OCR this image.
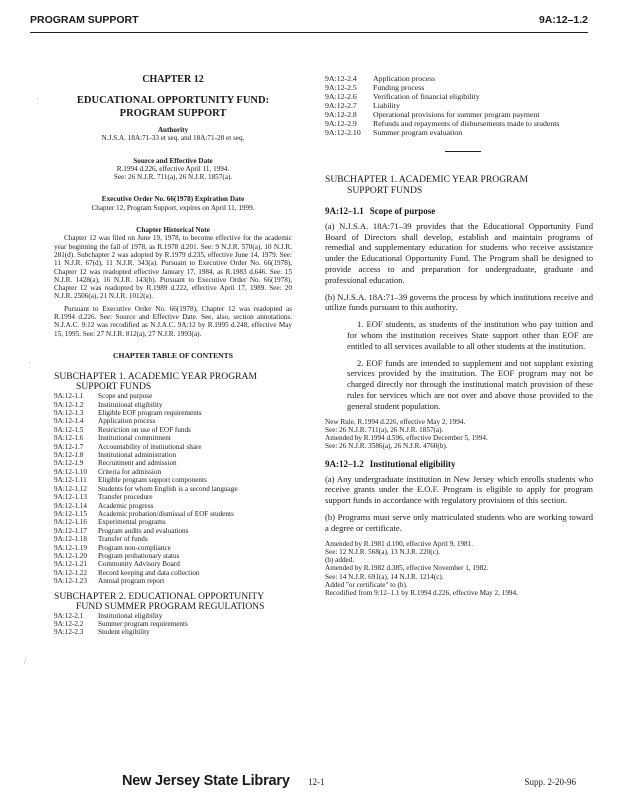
PROGRAM SUPPORT	9A:12–1.2
·
·
/
CHAPTER 12
EDUCATIONAL OPPORTUNITY FUND:
PROGRAM SUPPORT
Authority
N.J.S.A. 18A:71-33 et seq. and 18A:71-28 et seq.
Source and Effective Date
R.1994 d.226, effective April 11, 1994.
See: 26 N.J.R. 711(a), 26 N.J.R. 1857(a).
Executive Order No. 66(1978) Expiration Date
Chapter 12, Program Support, expires on April 11, 1999.
Chapter Historical Note

Chapter 12 was filed on June 19, 1978, to become effective for the academic year beginning the fall of 1978, as R.1978 d.201. See: 9 N.J.R. 570(a), 10 N.J.R. 281(d). Subchapter 2 was adopted by R.1979 d.235, effective June 14, 1979. See: 11 N.J.R. 67(d), 11 N.J.R. 343(a). Pursuant to Executive Order No. 66(1978), Chapter 12 was readopted effective January 17, 1984, as R.1983 d.646. See: 15 N.J.R. 1428(a), 16 N.J.R. 143(b). Pursuant to Executive Order No. 66(1978), Chapter 12 was readopted by R.1989 d.222, effective April 17, 1989. See: 20 N.J.R. 2506(a), 21 N.J.R. 1012(a).

Pursuant to Executive Order No. 66(1978), Chapter 12 was readopted as R.1994 d.226. See: Source and Effective Date. See, also, section annotations. N.J.A.C. 9:12 was recodified as N.J.A.C. 9A:12 by R.1995 d.248, effective May 15, 1995. See: 27 N.J.R. 812(a), 27 N.J.R. 1993(a).

CHAPTER TABLE OF CONTENTS
SUBCHAPTER 1. ACADEMIC YEAR PROGRAM
SUPPORT FUNDS
9A:12-1.1	Scope and purpose
9A:12-1.2	Institutional eligibility
9A:12-1.3	Eligible EOF program requirements
9A:12-1.4	Application process
9A:12-1.5	Restriction on use of EOF funds
9A:12-1.6	Institutional commitment
9A:12-1.7	Accountability of institutional share
9A:12-1.8	Institutional administration
9A:12-1.9	Recruitment and admission
9A:12-1.10	Criteria for admission
9A:12-1.11	Eligible program support components
9A:12-1.12	Students for whom English is a second language
9A:12-1.13	Transfer procedure
9A:12-1.14	Academic progress
9A:12-1.15	Academic probation/dismissal of EOF students
9A:12-1.16	Experimental programs
9A:12-1.17	Program audits and evaluations
9A:12-1.18	Transfer of funds
9A:12-1.19	Program non-compliance
9A:12-1.20	Program probationary status
9A:12-1.21	Community Advisory Board
9A:12-1.22	Record keeping and data collection
9A:12-1.23	Annual program report
SUBCHAPTER 2. EDUCATIONAL OPPORTUNITY
FUND SUMMER PROGRAM REGULATIONS
9A:12-2.1	Institutional eligibility
9A:12-2.2	Summer program requirements
9A:12-2.3	Student eligibility
9A:12-2.4	Application process
9A:12-2.5	Funding process
9A:12-2.6	Verification of financial eligibility
9A:12-2.7	Liability
9A:12-2.8	Operational provisions for summer program payment
9A:12-2.9	Refunds and repayments of disbursements made to students
9A:12-2.10	Summer program evaluation
SUBCHAPTER 1. ACADEMIC YEAR PROGRAM
SUPPORT FUNDS
9A:12–1.1 Scope of purpose

(a) N.J.S.A. 18A:71–39 provides that the Educational Opportunity Fund Board of Directors shall develop, establish and maintain programs of remedial and supplementary education for students who receive assistance under the Educational Opportunity Fund. The Program shall be designed to provide access to and preparation for undergraduate, graduate and professional education.

(b) N.J.S.A. 18A:71–39 governs the process by which institutions receive and utilize funds pursuant to this authority.

1. EOF students, as students of the institution who pay tuition and for whom the institution receives State support other than EOF are entitled to all services available to all other students at the institution.

2. EOF funds are intended to supplement and not supplant existing services provided by the institution. The EOF program may not be charged directly nor through the institutional match provision of these rules for services which are not over and above those provided to the general student population.

New Rule, R.1994 d.226, effective May 2, 1994.
See: 26 N.J.R. 711(a), 26 N.J.R. 1857(a).
Amended by R.1994 d.596, effective December 5, 1994.
See: 26 N.J.R. 3586(a), 26 N.J.R. 4760(b).
9A:12–1.2 Institutional eligibility

(a) Any undergraduate institution in New Jersey which enrolls students who receive grants under the E.O.F. Program is eligible to apply for program support funds in accordance with regulatory provisions of this section.

(b) Programs must serve only matriculated students who are working toward a degree or certificate.

Amended by R.1981 d.100, effective April 9, 1981.
See: 12 N.J.R. 568(a), 13 N.J.R. 220(c).
(b) added.
Amended by R.1982 d.385, effective November 1, 1982.
See: 14 N.J.R. 691(a), 14 N.J.R. 1214(c).
Added "or certificate" to (b).
Recodified from 9:12–1.1 by R.1994 d.226, effective May 2, 1994.
New Jersey State Library 12-1	Supp. 2-20-96
